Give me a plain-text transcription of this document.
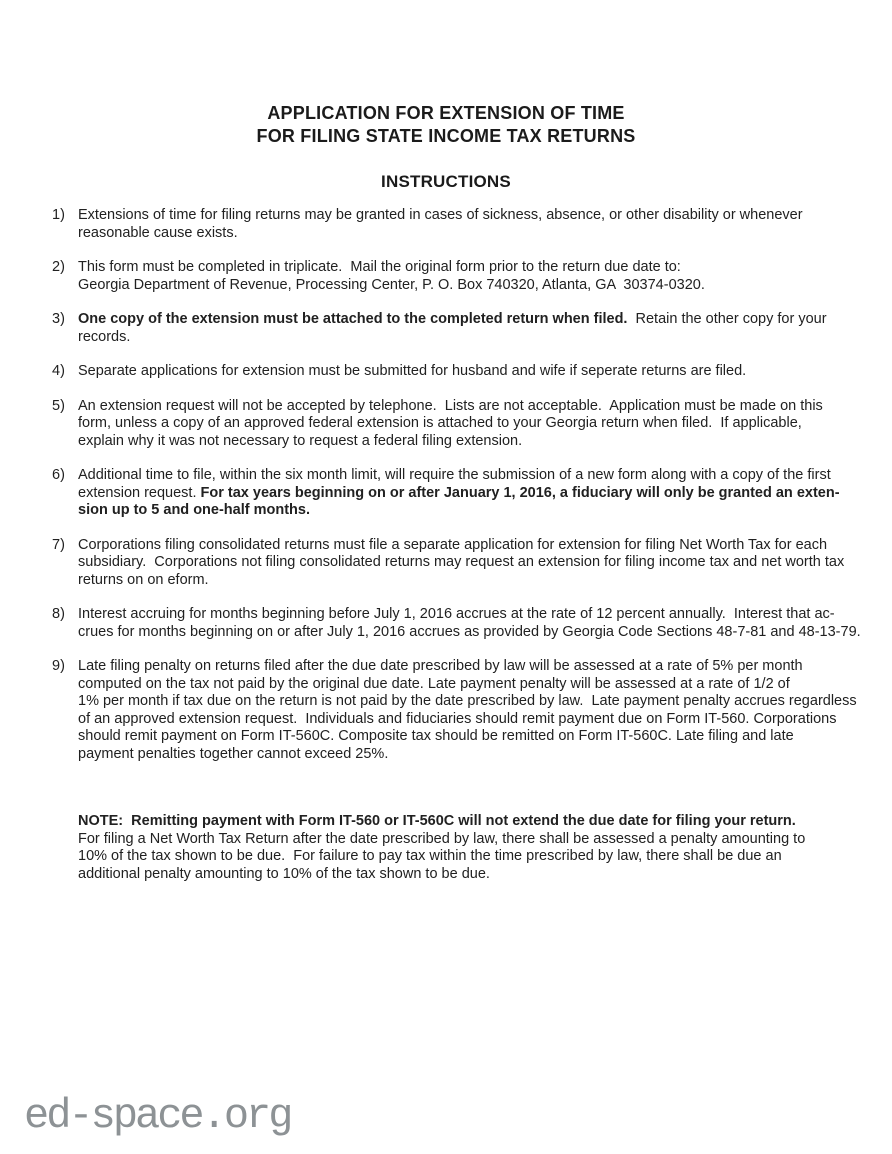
APPLICATION FOR EXTENSION OF TIME
FOR FILING STATE INCOME TAX RETURNS
INSTRUCTIONS
1) Extensions of time for filing returns may be granted in cases of sickness, absence, or other disability or whenever
reasonable cause exists.
2) This form must be completed in triplicate.  Mail the original form prior to the return due date to:
Georgia Department of Revenue, Processing Center, P. O. Box 740320, Atlanta, GA  30374-0320.
3) One copy of the extension must be attached to the completed return when filed.  Retain the other copy for your
records.
4) Separate applications for extension must be submitted for husband and wife if seperate returns are filed.
5) An extension request will not be accepted by telephone.  Lists are not acceptable.  Application must be made on this
form, unless a copy of an approved federal extension is attached to your Georgia return when filed.  If applicable,
explain why it was not necessary to request a federal filing extension.
6) Additional time to file, within the six month limit, will require the submission of a new form along with a copy of the first
extension request. For tax years beginning on or after January 1, 2016, a fiduciary will only be granted an exten-
sion up to 5 and one-half months.
7) Corporations filing consolidated returns must file a separate application for extension for filing Net Worth Tax for each
subsidiary.  Corporations not filing consolidated returns may request an extension for filing income tax and net worth tax
returns on on eform.
8) Interest accruing for months beginning before July 1, 2016 accrues at the rate of 12 percent annually.  Interest that ac-
crues for months beginning on or after July 1, 2016 accrues as provided by Georgia Code Sections 48-7-81 and 48-13-79.
9) Late filing penalty on returns filed after the due date prescribed by law will be assessed at a rate of 5% per month
computed on the tax not paid by the original due date. Late payment penalty will be assessed at a rate of 1/2 of
1% per month if tax due on the return is not paid by the date prescribed by law.  Late payment penalty accrues regardless
of an approved extension request.  Individuals and fiduciaries should remit payment due on Form IT-560. Corporations
should remit payment on Form IT-560C. Composite tax should be remitted on Form IT-560C. Late filing and late
payment penalties together cannot exceed 25%.
NOTE:  Remitting payment with Form IT-560 or IT-560C will not extend the due date for filing your return.
For filing a Net Worth Tax Return after the date prescribed by law, there shall be assessed a penalty amounting to
10% of the tax shown to be due.  For failure to pay tax within the time prescribed by law, there shall be due an
additional penalty amounting to 10% of the tax shown to be due.
ed-space.org
